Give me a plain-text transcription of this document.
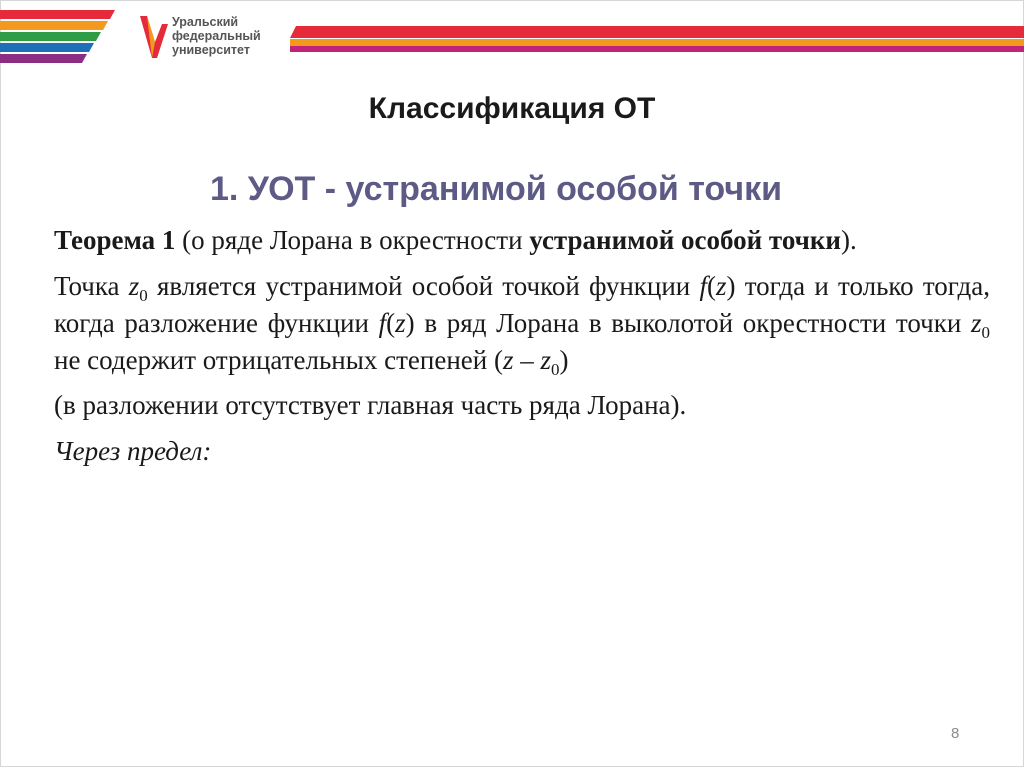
Уральский
федеральный
университет
Классификация ОТ
1. УОТ - устранимой особой точки

Теорема 1 (о ряде Лорана в окрестности устранимой особой точки).

Точка $z_0$ является устранимой особой точкой функции f(z) тогда и только тогда, когда разложение функции f(z) в ряд Лорана в выколотой окрестности точки $z_0$ не содержит отрицательных степеней $(z - z_0)$

(в разложении отсутствует главная часть ряда Лорана).

Через предел:

8
